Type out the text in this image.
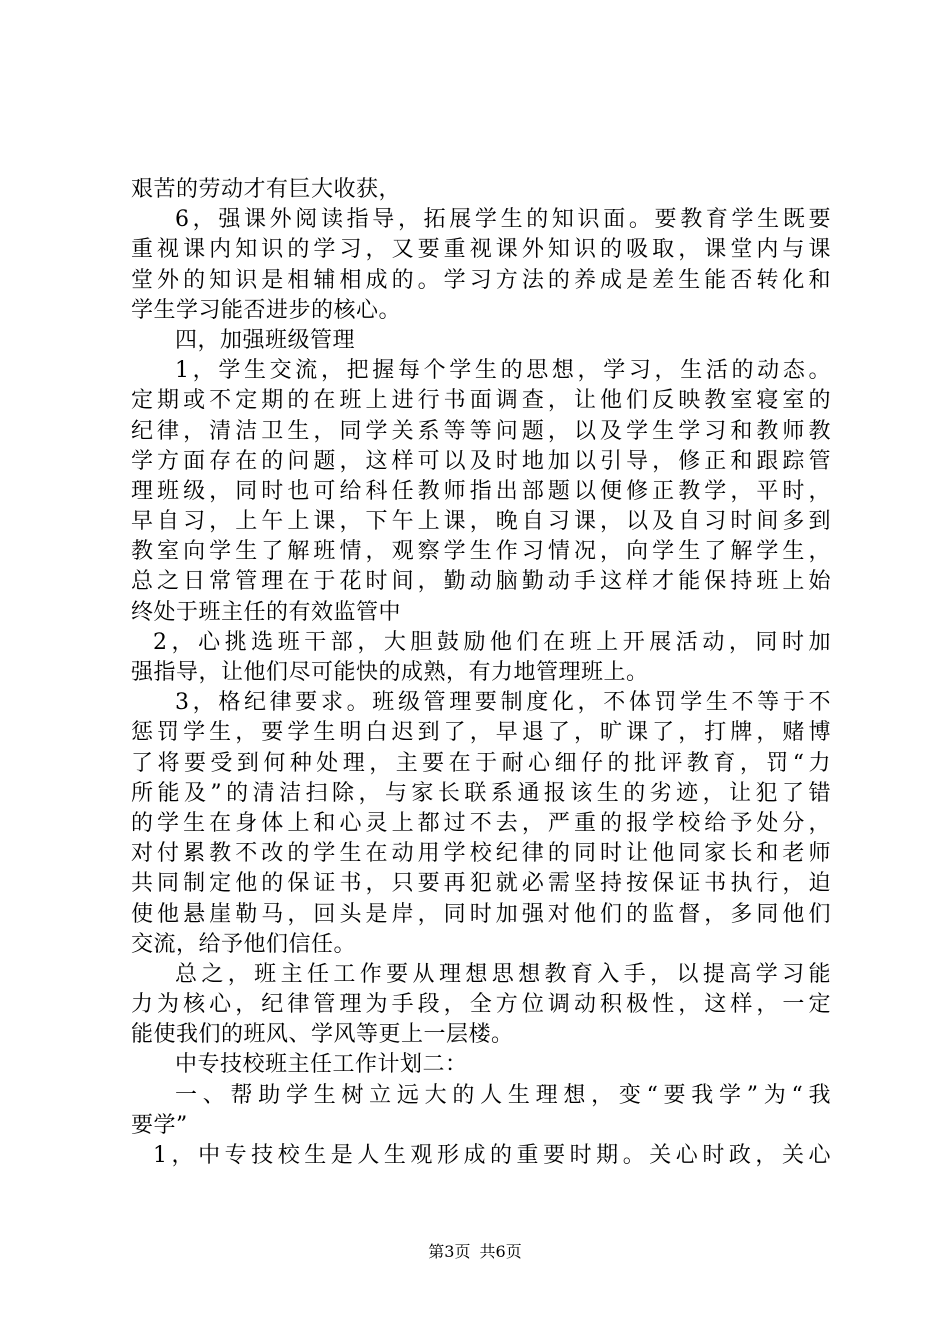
艰苦的劳动才有巨大收获，
6，强课外阅读指导，拓展学生的知识面。要教育学生既要
重视课内知识的学习，又要重视课外知识的吸取，课堂内与课
堂外的知识是相辅相成的。学习方法的养成是差生能否转化和
学生学习能否进步的核心。
四，加强班级管理
1，学生交流，把握每个学生的思想，学习，生活的动态。
定期或不定期的在班上进行书面调查，让他们反映教室寝室的
纪律，清洁卫生，同学关系等等问题，以及学生学习和教师教
学方面存在的问题，这样可以及时地加以引导，修正和跟踪管
理班级，同时也可给科任教师指出部题以便修正教学，平时，
早自习，上午上课，下午上课，晚自习课，以及自习时间多到
教室向学生了解班情，观察学生作习情况，向学生了解学生，
总之日常管理在于花时间，勤动脑勤动手这样才能保持班上始
终处于班主任的有效监管中
2，心挑选班干部，大胆鼓励他们在班上开展活动，同时加
强指导，让他们尽可能快的成熟，有力地管理班上。
3，格纪律要求。班级管理要制度化，不体罚学生不等于不
惩罚学生，要学生明白迟到了，早退了，旷课了，打牌，赌博
了将要受到何种处理，主要在于耐心细仔的批评教育，罚“力
所能及”的清洁扫除，与家长联系通报该生的劣迹，让犯了错
的学生在身体上和心灵上都过不去，严重的报学校给予处分，
对付累教不改的学生在动用学校纪律的同时让他同家长和老师
共同制定他的保证书，只要再犯就必需坚持按保证书执行，迫
使他悬崖勒马，回头是岸，同时加强对他们的监督，多同他们
交流，给予他们信任。
总之，班主任工作要从理想思想教育入手，以提高学习能
力为核心，纪律管理为手段，全方位调动积极性，这样，一定
能使我们的班风、学风等更上一层楼。
中专技校班主任工作计划二：
一、帮助学生树立远大的人生理想，变“要我学”为“我
要学”
1，中专技校生是人生观形成的重要时期。关心时政，关心
第3页 共6页
